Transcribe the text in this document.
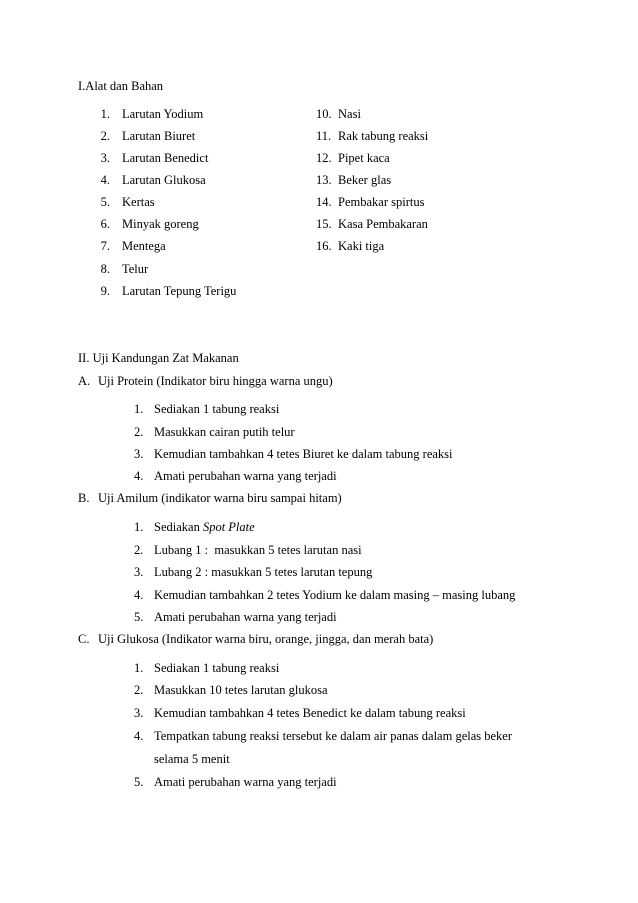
I.Alat dan Bahan
1. Larutan Yodium
2. Larutan Biuret
3. Larutan Benedict
4. Larutan Glukosa
5. Kertas
6. Minyak goreng
7. Mentega
8. Telur
9. Larutan Tepung Terigu
10. Nasi
11. Rak tabung reaksi
12. Pipet kaca
13. Beker glas
14. Pembakar spirtus
15. Kasa Pembakaran
16. Kaki tiga
II. Uji Kandungan Zat Makanan
A. Uji Protein (Indikator biru hingga warna ungu)
1. Sediakan 1 tabung reaksi
2. Masukkan cairan putih telur
3. Kemudian tambahkan 4 tetes Biuret ke dalam tabung reaksi
4. Amati perubahan warna yang terjadi
B. Uji Amilum (indikator warna biru sampai hitam)
1. Sediakan Spot Plate
2. Lubang 1 :  masukkan 5 tetes larutan nasi
3. Lubang 2 : masukkan 5 tetes larutan tepung
4. Kemudian tambahkan 2 tetes Yodium ke dalam masing – masing lubang
5. Amati perubahan warna yang terjadi
C. Uji Glukosa (Indikator warna biru, orange, jingga, dan merah bata)
1. Sediakan 1 tabung reaksi
2. Masukkan 10 tetes larutan glukosa
3. Kemudian tambahkan 4 tetes Benedict ke dalam tabung reaksi
4. Tempatkan tabung reaksi tersebut ke dalam air panas dalam gelas beker
selama 5 menit
5. Amati perubahan warna yang terjadi
